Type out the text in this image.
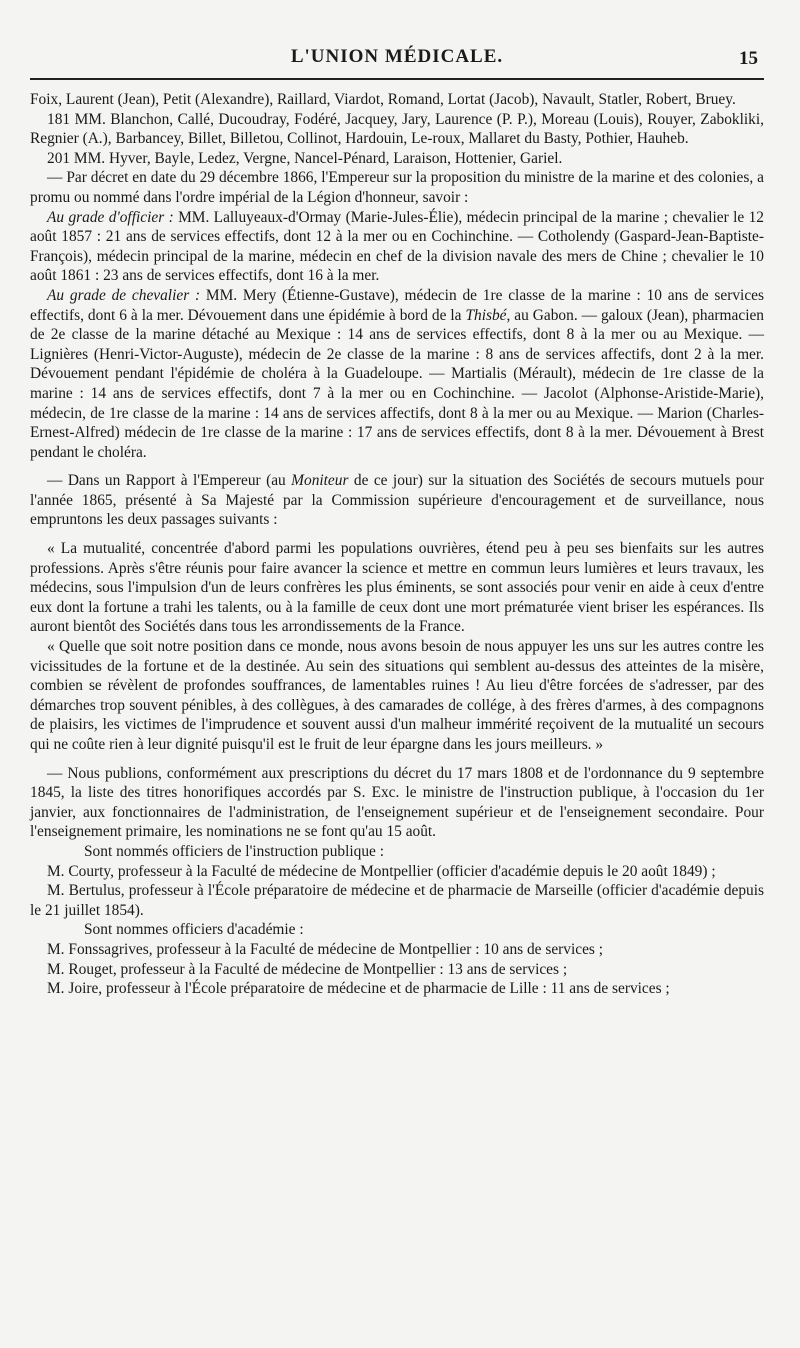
L'UNION MÉDICALE.	15

Foix, Laurent (Jean), Petit (Alexandre), Raillard, Viardot, Romand, Lortat (Jacob), Navault, Statler, Robert, Bruey.

181 MM. Blanchon, Callé, Ducoudray, Fodéré, Jacquey, Jary, Laurence (P. P.), Moreau (Louis), Rouyer, Zabokliki, Regnier (A.), Barbancey, Billet, Billetou, Collinot, Hardouin, Le-roux, Mallaret du Basty, Pothier, Hauheb.

201 MM. Hyver, Bayle, Ledez, Vergne, Nancel-Pénard, Laraison, Hottenier, Gariel.

— Par décret en date du 29 décembre 1866, l'Empereur sur la proposition du ministre de la marine et des colonies, a promu ou nommé dans l'ordre impérial de la Légion d'honneur, savoir :

Au grade d'officier : MM. Lalluyeaux-d'Ormay (Marie-Jules-Élie), médecin principal de la marine ; chevalier le 12 août 1857 : 21 ans de services effectifs, dont 12 à la mer ou en Cochinchine. — Cotholendy (Gaspard-Jean-Baptiste-François), médecin principal de la marine, médecin en chef de la division navale des mers de Chine ; chevalier le 10 août 1861 : 23 ans de services effectifs, dont 16 à la mer.

Au grade de chevalier : MM. Mery (Étienne-Gustave), médecin de 1re classe de la marine : 10 ans de services effectifs, dont 6 à la mer. Dévouement dans une épidémie à bord de la Thisbé, au Gabon. — galoux (Jean), pharmacien de 2e classe de la marine détaché au Mexique : 14 ans de services effectifs, dont 8 à la mer ou au Mexique. — Lignières (Henri-Victor-Auguste), médecin de 2e classe de la marine : 8 ans de services affectifs, dont 2 à la mer. Dévouement pendant l'épidémie de choléra à la Guadeloupe. — Martialis (Mérault), médecin de 1re classe de la marine : 14 ans de services effectifs, dont 7 à la mer ou en Cochinchine. — Jacolot (Alphonse-Aristide-Marie), médecin, de 1re classe de la marine : 14 ans de services affectifs, dont 8 à la mer ou au Mexique. — Marion (Charles-Ernest-Alfred) médecin de 1re classe de la marine : 17 ans de services effectifs, dont 8 à la mer. Dévouement à Brest pendant le choléra.

— Dans un Rapport à l'Empereur (au Moniteur de ce jour) sur la situation des Sociétés de secours mutuels pour l'année 1865, présenté à Sa Majesté par la Commission supérieure d'encouragement et de surveillance, nous empruntons les deux passages suivants :

« La mutualité, concentrée d'abord parmi les populations ouvrières, étend peu à peu ses bienfaits sur les autres professions. Après s'être réunis pour faire avancer la science et mettre en commun leurs lumières et leurs travaux, les médecins, sous l'impulsion d'un de leurs confrères les plus éminents, se sont associés pour venir en aide à ceux d'entre eux dont la fortune a trahi les talents, ou à la famille de ceux dont une mort prématurée vient briser les espérances. Ils auront bientôt des Sociétés dans tous les arrondissements de la France.

« Quelle que soit notre position dans ce monde, nous avons besoin de nous appuyer les uns sur les autres contre les vicissitudes de la fortune et de la destinée. Au sein des situations qui semblent au-dessus des atteintes de la misère, combien se révèlent de profondes souffrances, de lamentables ruines ! Au lieu d'être forcées de s'adresser, par des démarches trop souvent pénibles, à des collègues, à des camarades de collége, à des frères d'armes, à des compagnons de plaisirs, les victimes de l'imprudence et souvent aussi d'un malheur immérité reçoivent de la mutualité un secours qui ne coûte rien à leur dignité puisqu'il est le fruit de leur épargne dans les jours meilleurs. »

— Nous publions, conformément aux prescriptions du décret du 17 mars 1808 et de l'ordonnance du 9 septembre 1845, la liste des titres honorifiques accordés par S. Exc. le ministre de l'instruction publique, à l'occasion du 1er janvier, aux fonctionnaires de l'administration, de l'enseignement supérieur et de l'enseignement secondaire. Pour l'enseignement primaire, les nominations ne se font qu'au 15 août.

Sont nommés officiers de l'instruction publique :

M. Courty, professeur à la Faculté de médecine de Montpellier (officier d'académie depuis le 20 août 1849) ;

M. Bertulus, professeur à l'École préparatoire de médecine et de pharmacie de Marseille (officier d'académie depuis le 21 juillet 1854).

Sont nommes officiers d'académie :

M. Fonssagrives, professeur à la Faculté de médecine de Montpellier : 10 ans de services ;

M. Rouget, professeur à la Faculté de médecine de Montpellier : 13 ans de services ;

M. Joire, professeur à l'École préparatoire de médecine et de pharmacie de Lille : 11 ans de services ;
